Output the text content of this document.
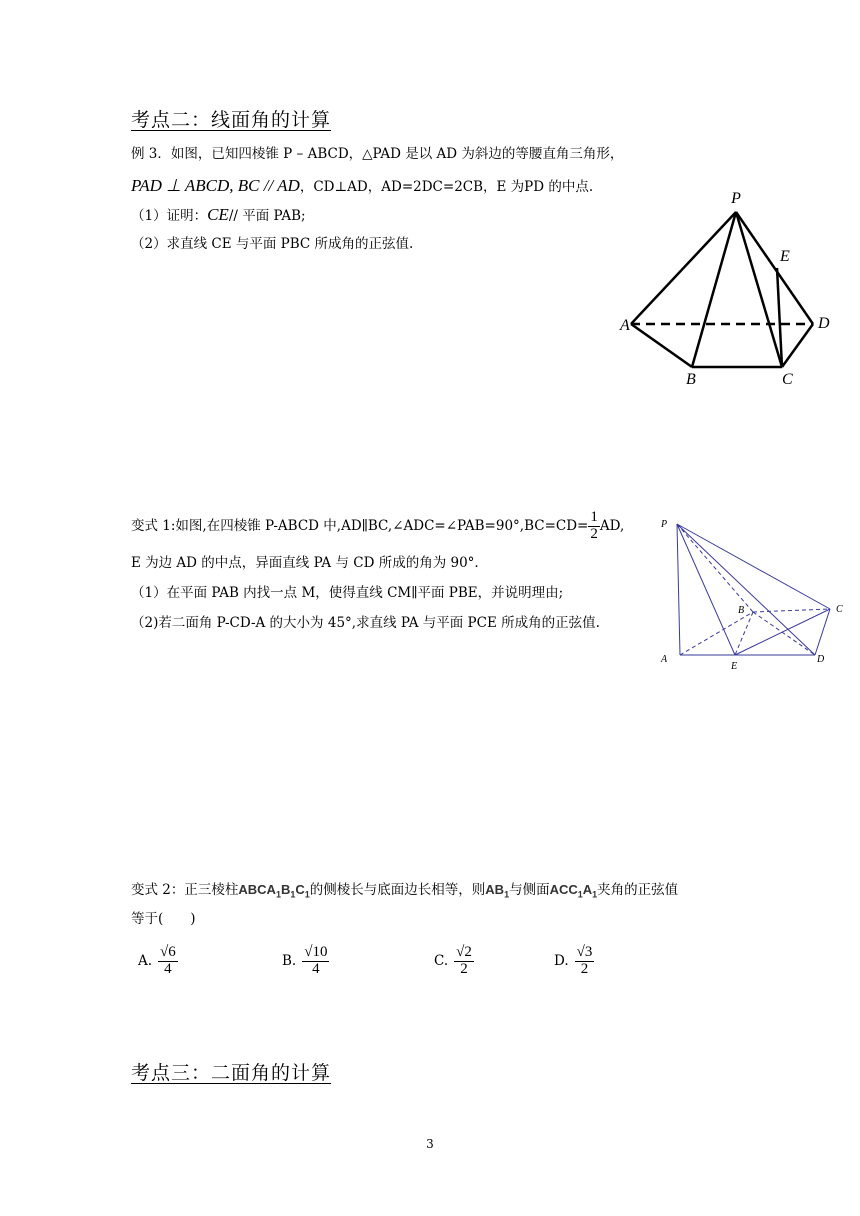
考点二：线面角的计算
例 3．如图，已知四棱锥 P – ABCD，△PAD 是以 AD 为斜边的等腰直角三角形，
PAD ⊥ ABCD, BC // AD，CD⊥AD，AD=2DC=2CB，E 为PD 的中点.
（1）证明：CE// 平面 PAB;
（2）求直线 CE 与平面 PBC 所成角的正弦值.
P
E
A	D
B	C
变式 1:如图,在四棱锥 P-ABCD 中,AD∥BC,∠ADC=∠PAB=90°,BC=CD= $\frac{1}{2}$ AD,
E 为边 AD 的中点，异面直线 PA 与 CD 所成的角为 90°.
（1）在平面 PAB 内找一点 M，使得直线 CM∥平面 PBE，并说明理由;
（2)若二面角 P-CD-A 的大小为 45°,求直线 PA 与平面 PCE 所成角的正弦值.
P
B	C
A
E
D
变式 2：正三棱柱$ABCA_1B_1C_1$的侧棱长与底面边长相等，则$AB_1$与侧面$ACC_1A_1$夹角的正弦值
等于(　　)
A. $\frac{√6}{4}$	B. $\frac{√10}{4}$	C. $\frac{√2}{2}$	D. $\frac{√3}{2}$
考点三：二面角的计算
3
